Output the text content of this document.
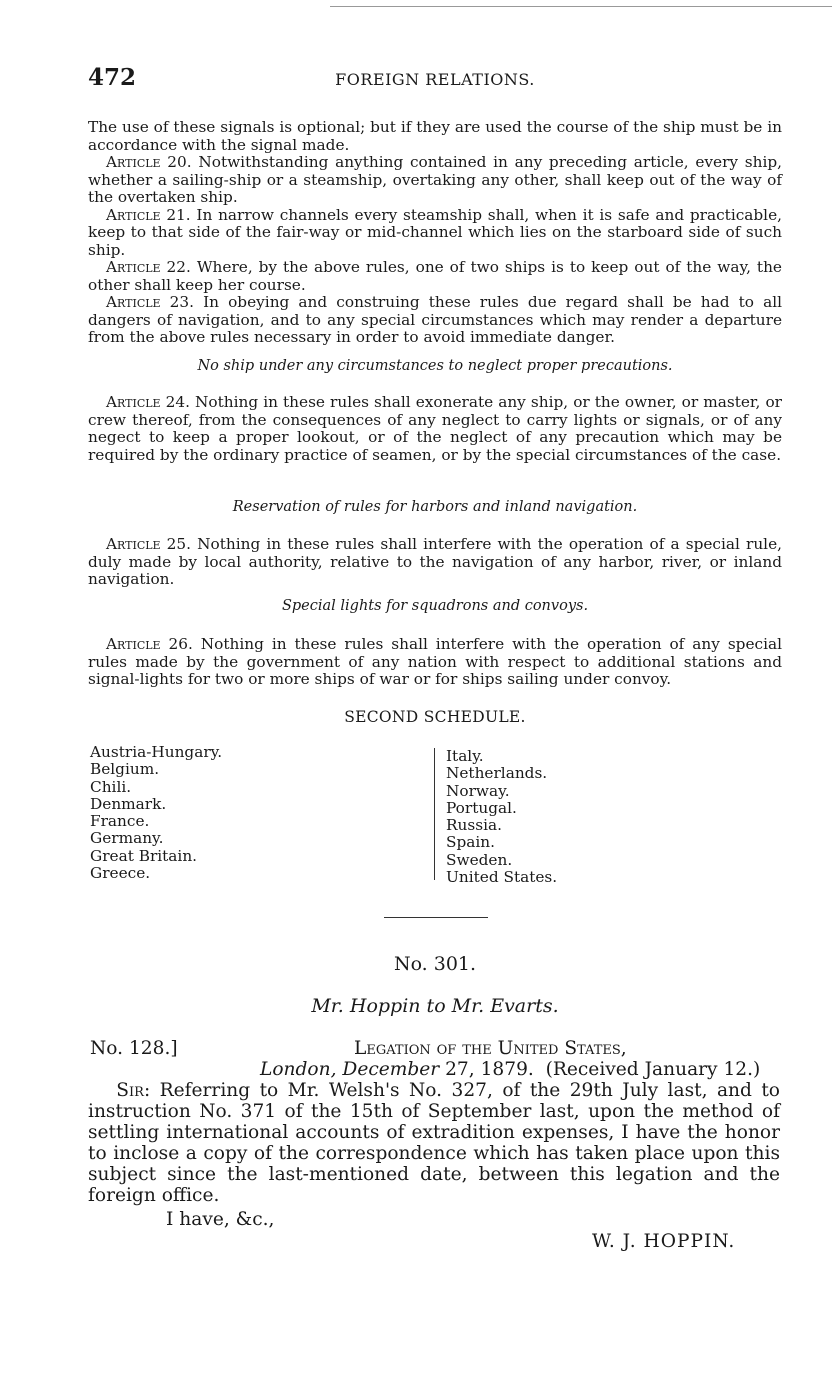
472	FOREIGN RELATIONS.

The use of these signals is optional; but if they are used the course of the ship must be in accordance with the signal made.

Article 20. Notwithstanding anything contained in any preceding article, every ship, whether a sailing-ship or a steamship, overtaking any other, shall keep out of the way of the overtaken ship.

Article 21. In narrow channels every steamship shall, when it is safe and practicable, keep to that side of the fair-way or mid-channel which lies on the starboard side of such ship.

Article 22. Where, by the above rules, one of two ships is to keep out of the way, the other shall keep her course.

Article 23. In obeying and construing these rules due regard shall be had to all dangers of navigation, and to any special circumstances which may render a departure from the above rules necessary in order to avoid immediate danger.

No ship under any circumstances to neglect proper precautions.

Article 24. Nothing in these rules shall exonerate any ship, or the owner, or master, or crew thereof, from the consequences of any neglect to carry lights or signals, or of any negect to keep a proper lookout, or of the neglect of any precaution which may be required by the ordinary practice of seamen, or by the special circumstances of the case.

Reservation of rules for harbors and inland navigation.

Article 25. Nothing in these rules shall interfere with the operation of a special rule, duly made by local authority, relative to the navigation of any harbor, river, or inland navigation.

Special lights for squadrons and convoys.

Article 26. Nothing in these rules shall interfere with the operation of any special rules made by the government of any nation with respect to additional stations and signal-lights for two or more ships of war or for ships sailing under convoy.

SECOND SCHEDULE.

Austria-Hungary.
Belgium.
Chili.
Denmark.
France.
Germany.
Great Britain.
Greece.
Italy.
Netherlands.
Norway.
Portugal.
Russia.
Spain.
Sweden.
United States.

No. 301.

Mr. Hoppin to Mr. Evarts.

No. 128.]	Legation of the United States,
London, December 27, 1879. (Received January 12.)

Sir: Referring to Mr. Welsh's No. 327, of the 29th July last, and to instruction No. 371 of the 15th of September last, upon the method of settling international accounts of extradition expenses, I have the honor to inclose a copy of the correspondence which has taken place upon this subject since the last-mentioned date, between this legation and the foreign office.

I have, &c.,
W. J. HOPPIN.
